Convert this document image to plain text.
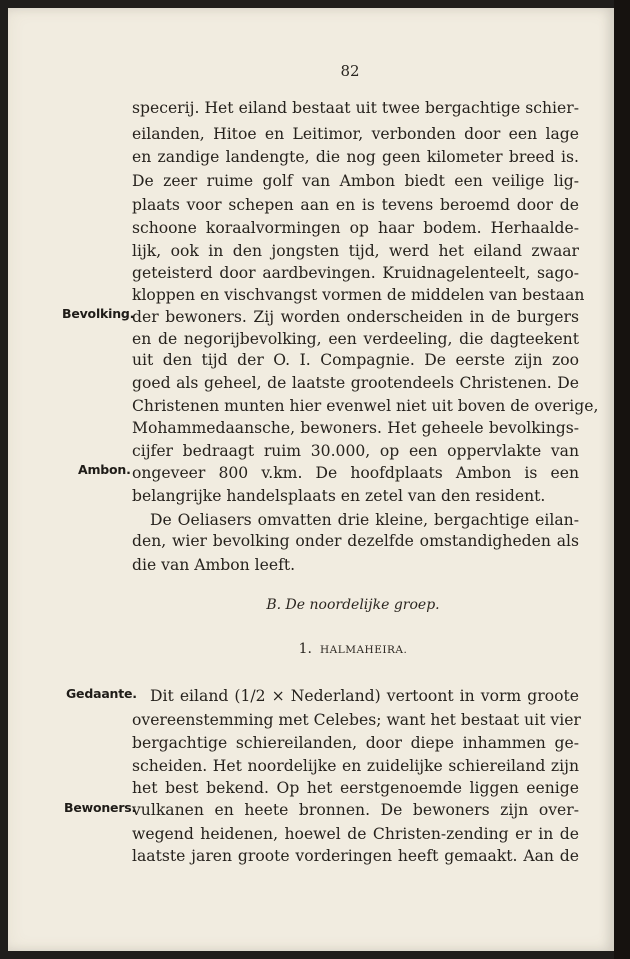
82
Bevolking.
Ambon.
Gedaante.
Bewoners.
specerij. Het eiland bestaat uit twee bergachtige schier-
eilanden, Hitoe en Leitimor, verbonden door een lage
en zandige landengte, die nog geen kilometer breed is.
De zeer ruime golf van Ambon biedt een veilige lig-
plaats voor schepen aan en is tevens beroemd door de
schoone koraalvormingen op haar bodem. Herhaalde-
lijk, ook in den jongsten tijd, werd het eiland zwaar
geteisterd door aardbevingen. Kruidnagelenteelt, sago-
kloppen en vischvangst vormen de middelen van bestaan
der bewoners. Zij worden onderscheiden in de burgers
en de negorijbevolking, een verdeeling, die dagteekent
uit den tijd der O. I. Compagnie. De eerste zijn zoo
goed als geheel, de laatste grootendeels Christenen. De
Christenen munten hier evenwel niet uit boven de overige,
Mohammedaansche, bewoners. Het geheele bevolkings-
cijfer bedraagt ruim 30.000, op een oppervlakte van
ongeveer 800 v.km. De hoofdplaats Ambon is een
belangrijke handelsplaats en zetel van den resident.
De Oeliasers omvatten drie kleine, bergachtige eilan-
den, wier bevolking onder dezelfde omstandigheden als
die van Ambon leeft.
B. De noordelijke groep.
1. HALMAHEIRA.
Dit eiland (1/2 × Nederland) vertoont in vorm groote
overeenstemming met Celebes; want het bestaat uit vier
bergachtige schiereilanden, door diepe inhammen ge-
scheiden. Het noordelijke en zuidelijke schiereiland zijn
het best bekend. Op het eerstgenoemde liggen eenige
vulkanen en heete bronnen. De bewoners zijn over-
wegend heidenen, hoewel de Christen-zending er in de
laatste jaren groote vorderingen heeft gemaakt. Aan de
